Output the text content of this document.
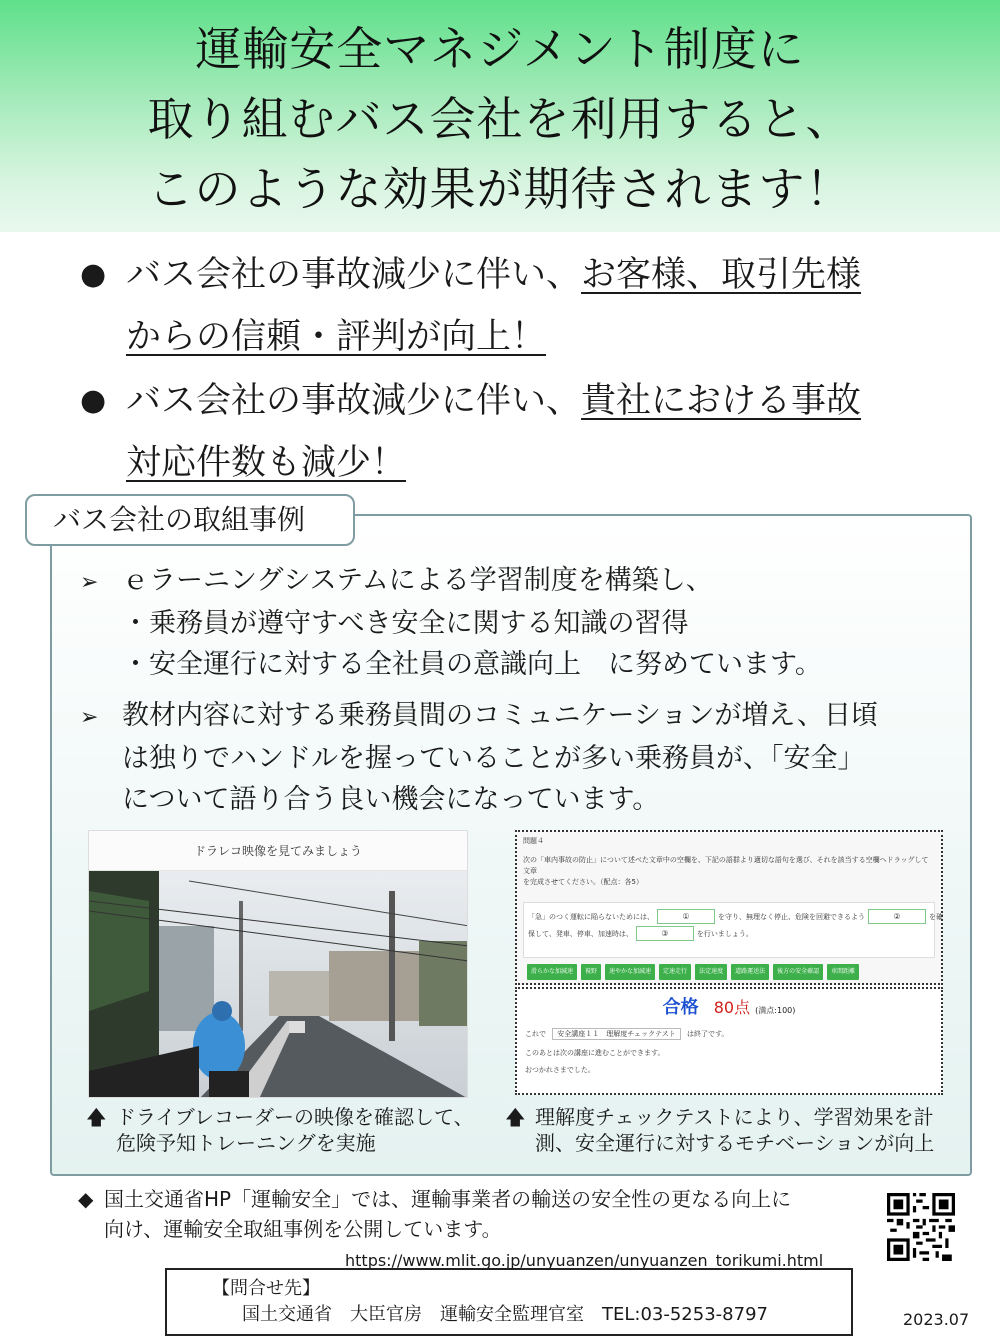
運輸安全マネジメント制度に
取り組むバス会社を利用すると、
このような効果が期待されます！
● バス会社の事故減少に伴い、お客様、取引先様
からの信頼・評判が向上！
● バス会社の事故減少に伴い、貴社における事故
対応件数も減少！
バス会社の取組事例
➢ ｅラーニングシステムによる学習制度を構築し、
・乗務員が遵守すべき安全に関する知識の習得
・安全運行に対する全社員の意識向上　に努めています。
➢ 教材内容に対する乗務員間のコミュニケーションが増え、日頃
は独りでハンドルを握っていることが多い乗務員が、「安全」
について語り合う良い機会になっています。
ドラレコ映像を見てみましょう
問題４
次の「車内事故の防止」について述べた文章中の空欄を、下記の語群より適切な語句を選び、それを該当する空欄へドラッグして文章
を完成させてください。（配点：各5）
「急」のつく運転に陥らないためには、	①	を守り、無理なく停止、危険を回避できるよう	②	を確
保して、発車、停車、加速時は、	③	を行いましょう。
滑らかな加減速 視野 速やかな加減速 定速走行 法定速度 道路運送法 後方の安全確認 車間距離
合格 80点 (満点:100)
これで 安全講座１１　理解度チェックテスト は終了です。
このあとは次の講座に進むことができます。
おつかれさまでした。
🡅 ドライブレコーダーの映像を確認して、
危険予知トレーニングを実施
🡅 理解度チェックテストにより、学習効果を計
測、安全運行に対するモチベーションが向上
◆ 国土交通省HP「運輸安全」では、運輸事業者の輸送の安全性の更なる向上に
向け、運輸安全取組事例を公開しています。
https://www.mlit.go.jp/unyuanzen/unyuanzen_torikumi.html
【問合せ先】
国土交通省　大臣官房　運輸安全監理官室　TEL:03-5253-8797	2023.07
